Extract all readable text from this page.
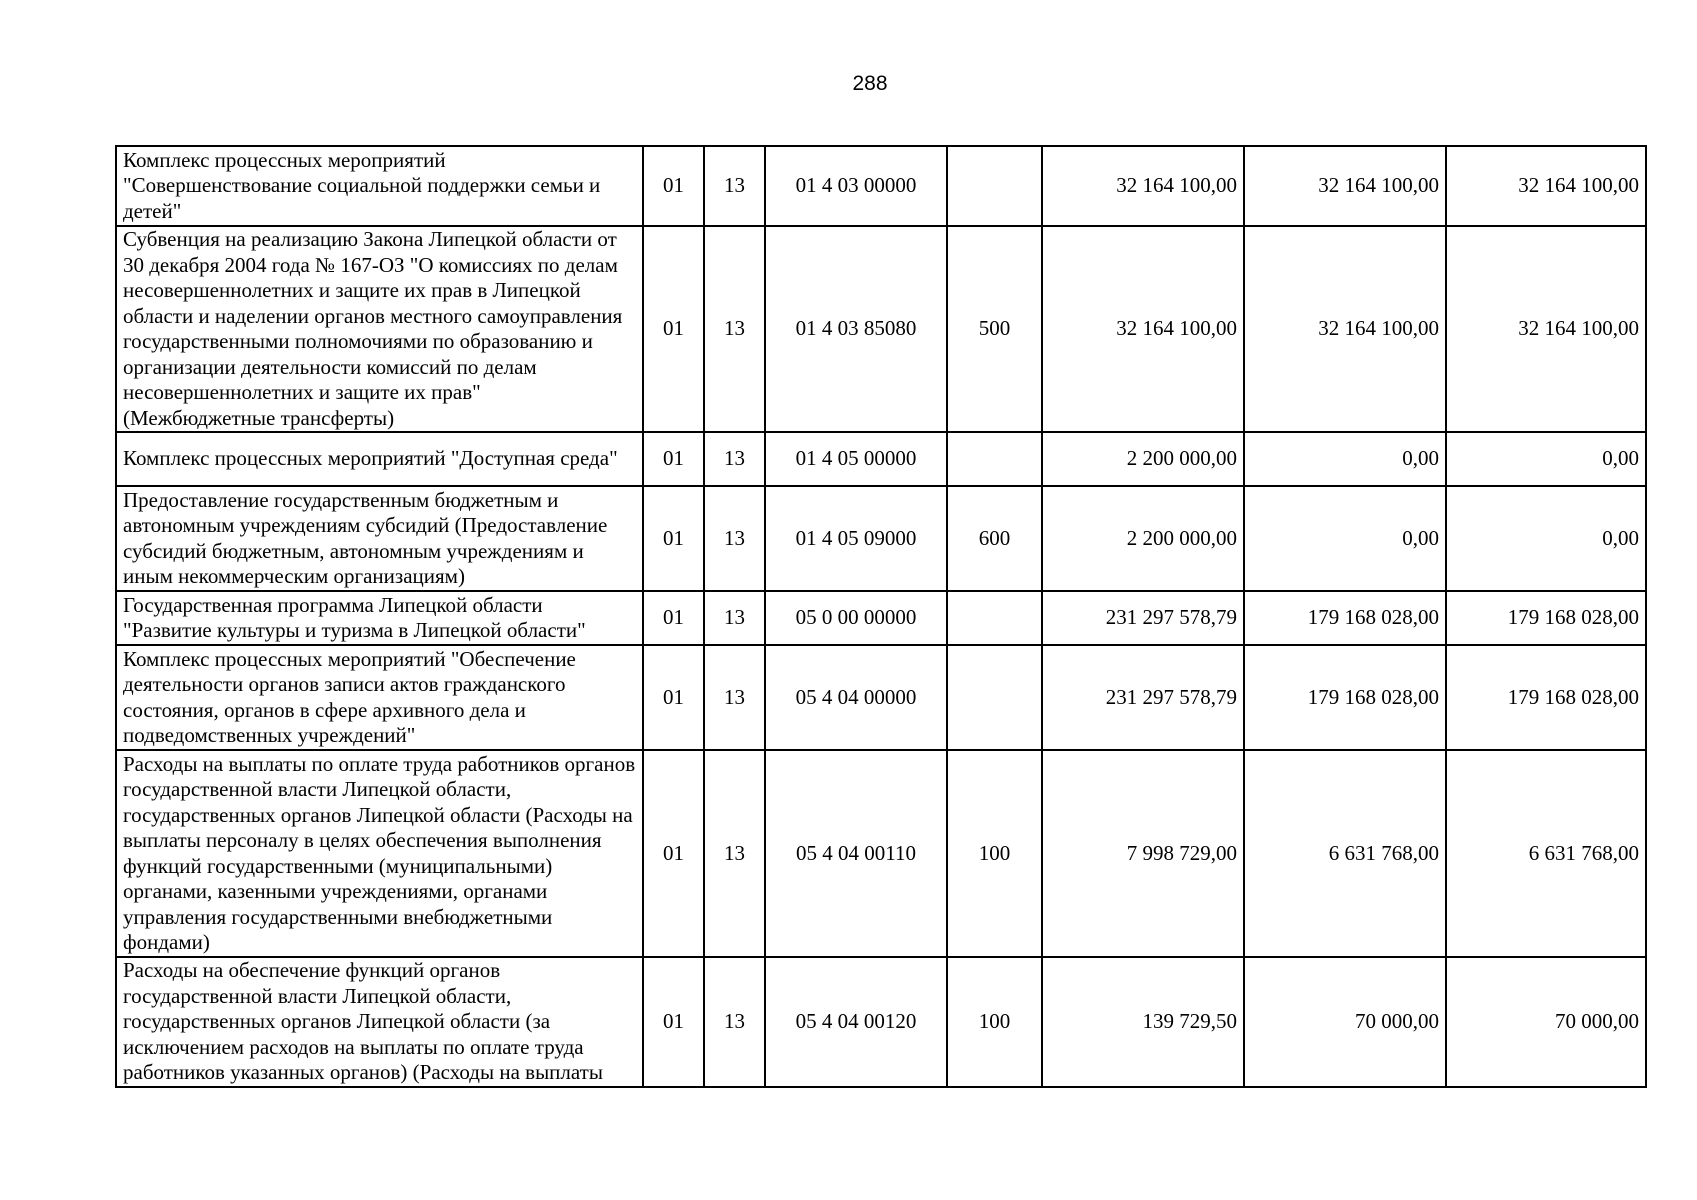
288
Комплекс процессных мероприятий "Совершенствование социальной поддержки семьи и детей"	01	13	01 4 03 00000		32 164 100,00	32 164 100,00	32 164 100,00
Субвенция на реализацию Закона Липецкой области от 30 декабря 2004 года № 167-ОЗ "О комиссиях по делам несовершеннолетних и защите их прав в Липецкой области и наделении органов местного самоуправления государственными полномочиями по образованию и организации деятельности комиссий по делам несовершеннолетних и защите их прав" (Межбюджетные трансферты)	01	13	01 4 03 85080	500	32 164 100,00	32 164 100,00	32 164 100,00
Комплекс процессных мероприятий "Доступная среда"	01	13	01 4 05 00000		2 200 000,00	0,00	0,00
Предоставление государственным бюджетным и автономным учреждениям субсидий (Предоставление субсидий бюджетным, автономным учреждениям и иным некоммерческим организациям)	01	13	01 4 05 09000	600	2 200 000,00	0,00	0,00
Государственная программа Липецкой области "Развитие культуры и туризма в Липецкой области"	01	13	05 0 00 00000		231 297 578,79	179 168 028,00	179 168 028,00
Комплекс процессных мероприятий "Обеспечение деятельности органов записи актов гражданского состояния, органов в сфере архивного дела и подведомственных учреждений"	01	13	05 4 04 00000		231 297 578,79	179 168 028,00	179 168 028,00
Расходы на выплаты по оплате труда работников органов государственной власти Липецкой области, государственных органов Липецкой области (Расходы на выплаты персоналу в целях обеспечения выполнения функций государственными (муниципальными) органами, казенными учреждениями, органами управления государственными внебюджетными фондами)	01	13	05 4 04 00110	100	7 998 729,00	6 631 768,00	6 631 768,00
Расходы на обеспечение функций органов государственной власти Липецкой области, государственных органов Липецкой области (за исключением расходов на выплаты по оплате труда работников указанных органов) (Расходы на выплаты	01	13	05 4 04 00120	100	139 729,50	70 000,00	70 000,00
